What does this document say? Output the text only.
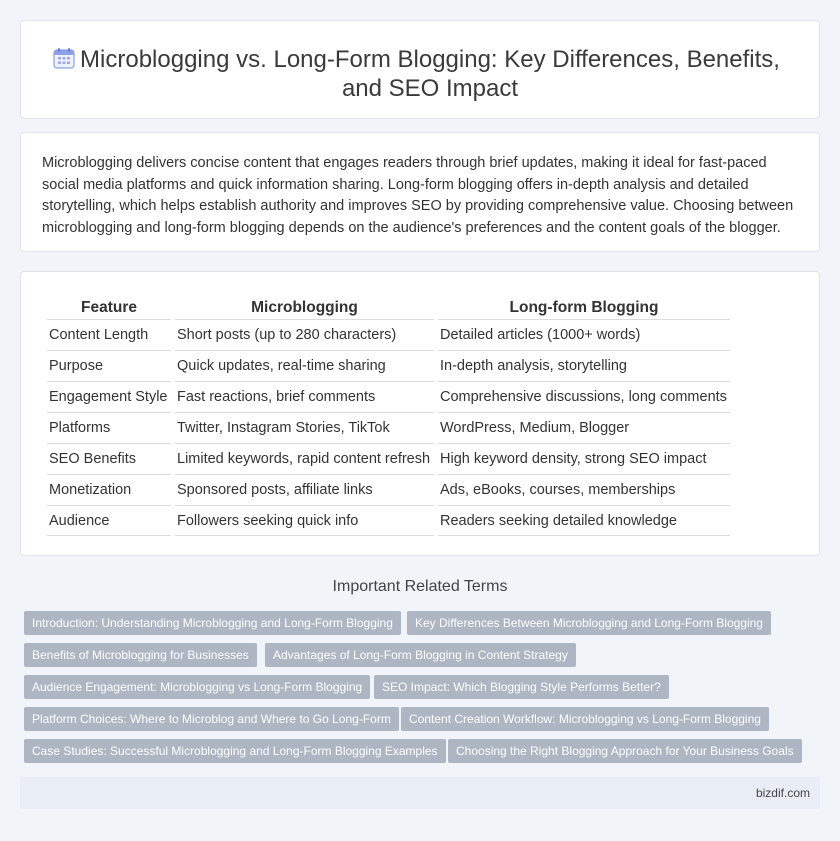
Microblogging vs. Long-Form Blogging: Key Differences, Benefits, and SEO Impact

Microblogging delivers concise content that engages readers through brief updates, making it ideal for fast-paced social media platforms and quick information sharing. Long-form blogging offers in-depth analysis and detailed storytelling, which helps establish authority and improves SEO by providing comprehensive value. Choosing between microblogging and long-form blogging depends on the audience's preferences and the content goals of the blogger.

Feature	Microblogging	Long-form Blogging
Content Length	Short posts (up to 280 characters)	Detailed articles (1000+ words)
Purpose	Quick updates, real-time sharing	In-depth analysis, storytelling
Engagement Style	Fast reactions, brief comments	Comprehensive discussions, long comments
Platforms	Twitter, Instagram Stories, TikTok	WordPress, Medium, Blogger
SEO Benefits	Limited keywords, rapid content refresh	High keyword density, strong SEO impact
Monetization	Sponsored posts, affiliate links	Ads, eBooks, courses, memberships
Audience	Followers seeking quick info	Readers seeking detailed knowledge
Important Related Terms
Introduction: Understanding Microblogging and Long-Form Blogging	Key Differences Between Microblogging and Long-Form Blogging
Benefits of Microblogging for Businesses	Advantages of Long-Form Blogging in Content Strategy
Audience Engagement: Microblogging vs Long-Form Blogging	SEO Impact: Which Blogging Style Performs Better?
Platform Choices: Where to Microblog and Where to Go Long-Form	Content Creation Workflow: Microblogging vs Long-Form Blogging
Case Studies: Successful Microblogging and Long-Form Blogging Examples	Choosing the Right Blogging Approach for Your Business Goals
bizdif.com
